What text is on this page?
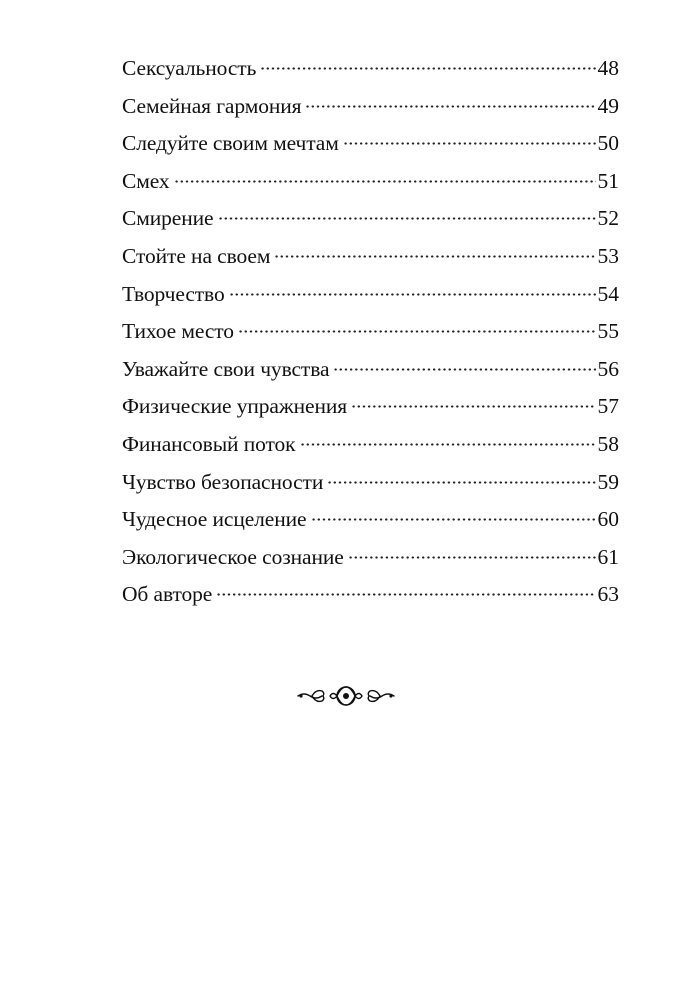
Сексуальность	48
Семейная гармония	49
Следуйте своим мечтам	50
Смех	51
Смирение	52
Стойте на своем	53
Творчество	54
Тихое место	55
Уважайте свои чувства	56
Физические упражнения	57
Финансовый поток	58
Чувство безопасности	59
Чудесное исцеление	60
Экологическое сознание	61
Об авторе	63
